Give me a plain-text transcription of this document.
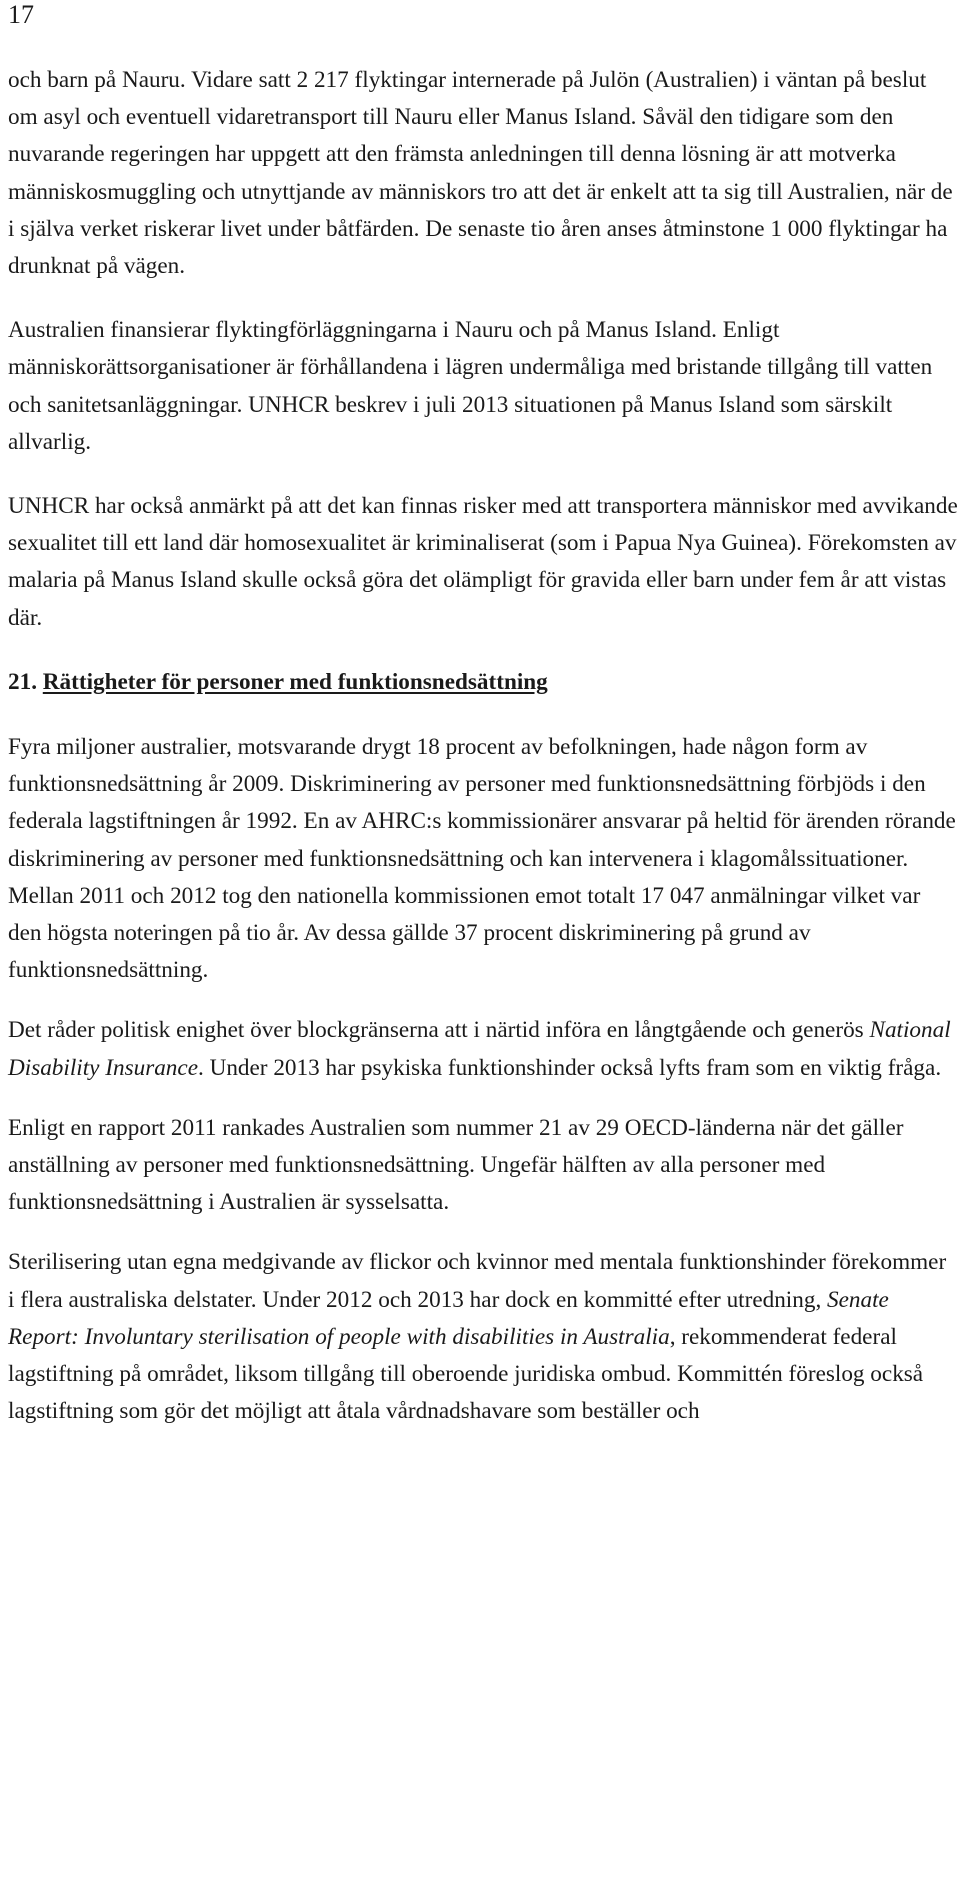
17

och barn på Nauru. Vidare satt 2 217 flyktingar internerade på Julön (Australien) i väntan på beslut om asyl och eventuell vidaretransport till Nauru eller Manus Island. Såväl den tidigare som den nuvarande regeringen har uppgett att den främsta anledningen till denna lösning är att motverka människosmuggling och utnyttjande av människors tro att det är enkelt att ta sig till Australien, när de i själva verket riskerar livet under båtfärden. De senaste tio åren anses åtminstone 1 000 flyktingar ha drunknat på vägen.

Australien finansierar flyktingförläggningarna i Nauru och på Manus Island. Enligt människorättsorganisationer är förhållandena i lägren undermåliga med bristande tillgång till vatten och sanitetsanläggningar. UNHCR beskrev i juli 2013 situationen på Manus Island som särskilt allvarlig.

UNHCR har också anmärkt på att det kan finnas risker med att transportera människor med avvikande sexualitet till ett land där homosexualitet är kriminaliserat (som i Papua Nya Guinea). Förekomsten av malaria på Manus Island skulle också göra det olämpligt för gravida eller barn under fem år att vistas där.

21. Rättigheter för personer med funktionsnedsättning

Fyra miljoner australier, motsvarande drygt 18 procent av befolkningen, hade någon form av funktionsnedsättning år 2009. Diskriminering av personer med funktionsnedsättning förbjöds i den federala lagstiftningen år 1992. En av AHRC:s kommissionärer ansvarar på heltid för ärenden rörande diskriminering av personer med funktionsnedsättning och kan intervenera i klagomålssituationer. Mellan 2011 och 2012 tog den nationella kommissionen emot totalt 17 047 anmälningar vilket var den högsta noteringen på tio år. Av dessa gällde 37 procent diskriminering på grund av funktionsnedsättning.

Det råder politisk enighet över blockgränserna att i närtid införa en långtgående och generös National Disability Insurance. Under 2013 har psykiska funktionshinder också lyfts fram som en viktig fråga.

Enligt en rapport 2011 rankades Australien som nummer 21 av 29 OECD-länderna när det gäller anställning av personer med funktionsnedsättning. Ungefär hälften av alla personer med funktionsnedsättning i Australien är sysselsatta.

Sterilisering utan egna medgivande av flickor och kvinnor med mentala funktionshinder förekommer i flera australiska delstater. Under 2012 och 2013 har dock en kommitté efter utredning, Senate Report: Involuntary sterilisation of people with disabilities in Australia, rekommenderat federal lagstiftning på området, liksom tillgång till oberoende juridiska ombud. Kommittén föreslog också lagstiftning som gör det möjligt att åtala vårdnadshavare som beställer och
